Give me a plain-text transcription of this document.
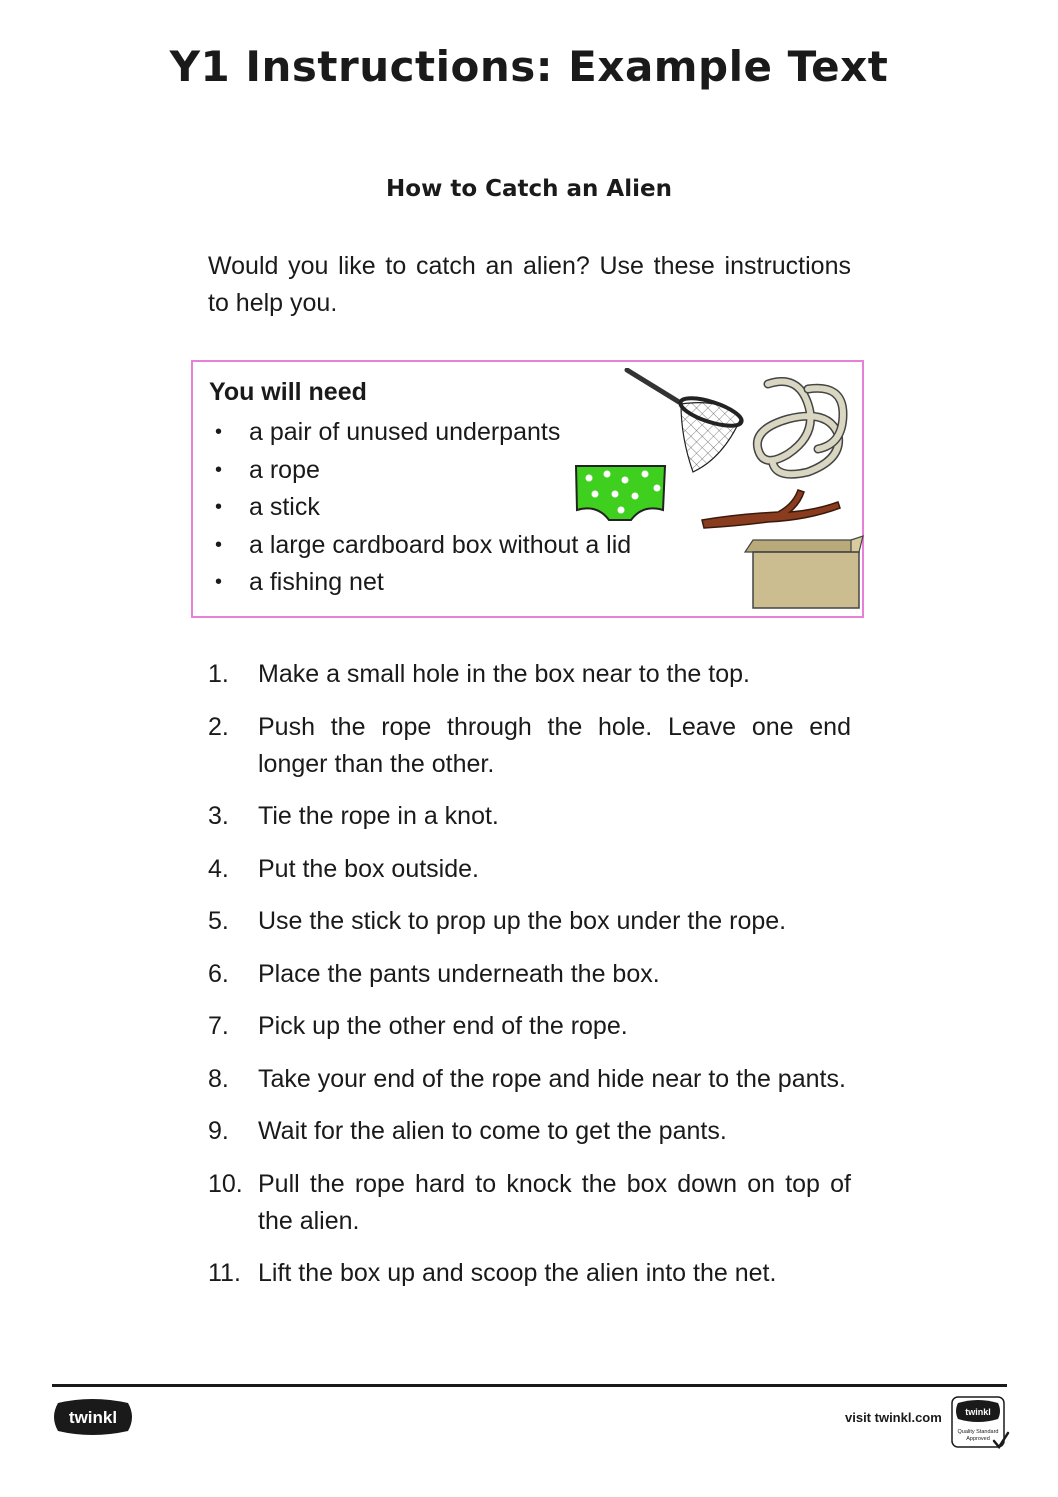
Y1 Instructions: Example Text
How to Catch an Alien

Would you like to catch an alien? Use these instructions to help you.

You will need
• a pair of unused underpants
• a rope
• a stick
• a large cardboard box without a lid
• a fishing net
1. Make a small hole in the box near to the top.
2. Push the rope through the hole. Leave one end longer than the other.
3. Tie the rope in a knot.
4. Put the box outside.
5. Use the stick to prop up the box under the rope.
6. Place the pants underneath the box.
7. Pick up the other end of the rope.
8. Take your end of the rope and hide near to the pants.
9. Wait for the alien to come to get the pants.
10. Pull the rope hard to knock the box down on top of the alien.
11. Lift the box up and scoop the alien into the net.
twinkl	visit twinkl.com	twinkl
Quality Standard
Approved
